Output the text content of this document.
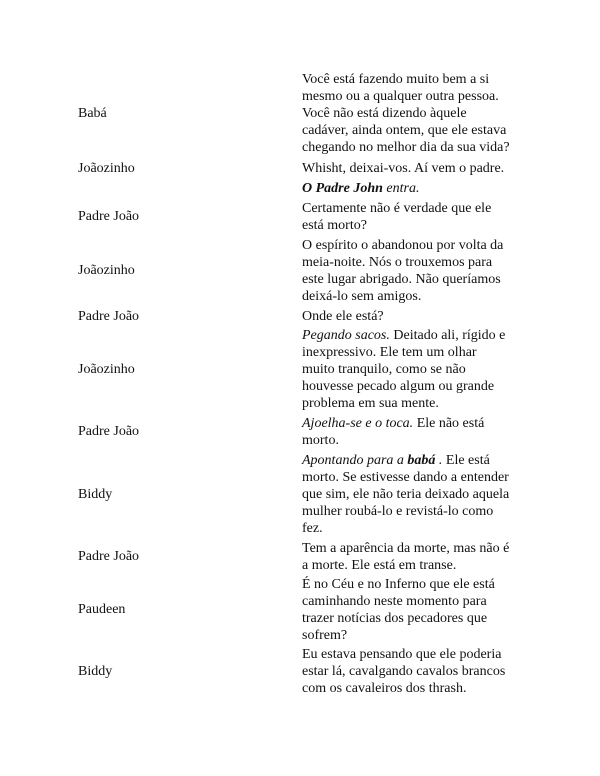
Babá

Você está fazendo muito bem a si

mesmo ou a qualquer outra pessoa.

Você não está dizendo àquele

cadáver, ainda ontem, que ele estava

chegando no melhor dia da sua vida?

Joãozinho	Whisht, deixai-vos. Aí vem o padre.

O Padre John entra.

Padre João

Certamente não é verdade que ele

está morto?

Joãozinho

O espírito o abandonou por volta da

meia-noite. Nós o trouxemos para

este lugar abrigado. Não queríamos

deixá-lo sem amigos.

Padre João	Onde ele está?

Joãozinho

Pegando sacos. Deitado ali, rígido e

inexpressivo. Ele tem um olhar

muito tranquilo, como se não

houvesse pecado algum ou grande

problema em sua mente.

Padre João

Ajoelha-se e o toca. Ele não está

morto.

Biddy

Apontando para a babá . Ele está

morto. Se estivesse dando a entender

que sim, ele não teria deixado aquela

mulher roubá-lo e revistá-lo como

fez.

Padre João

Tem a aparência da morte, mas não é

a morte. Ele está em transe.

Paudeen

É no Céu e no Inferno que ele está

caminhando neste momento para

trazer notícias dos pecadores que

sofrem?

Biddy

Eu estava pensando que ele poderia

estar lá, cavalgando cavalos brancos

com os cavaleiros dos thrash.
